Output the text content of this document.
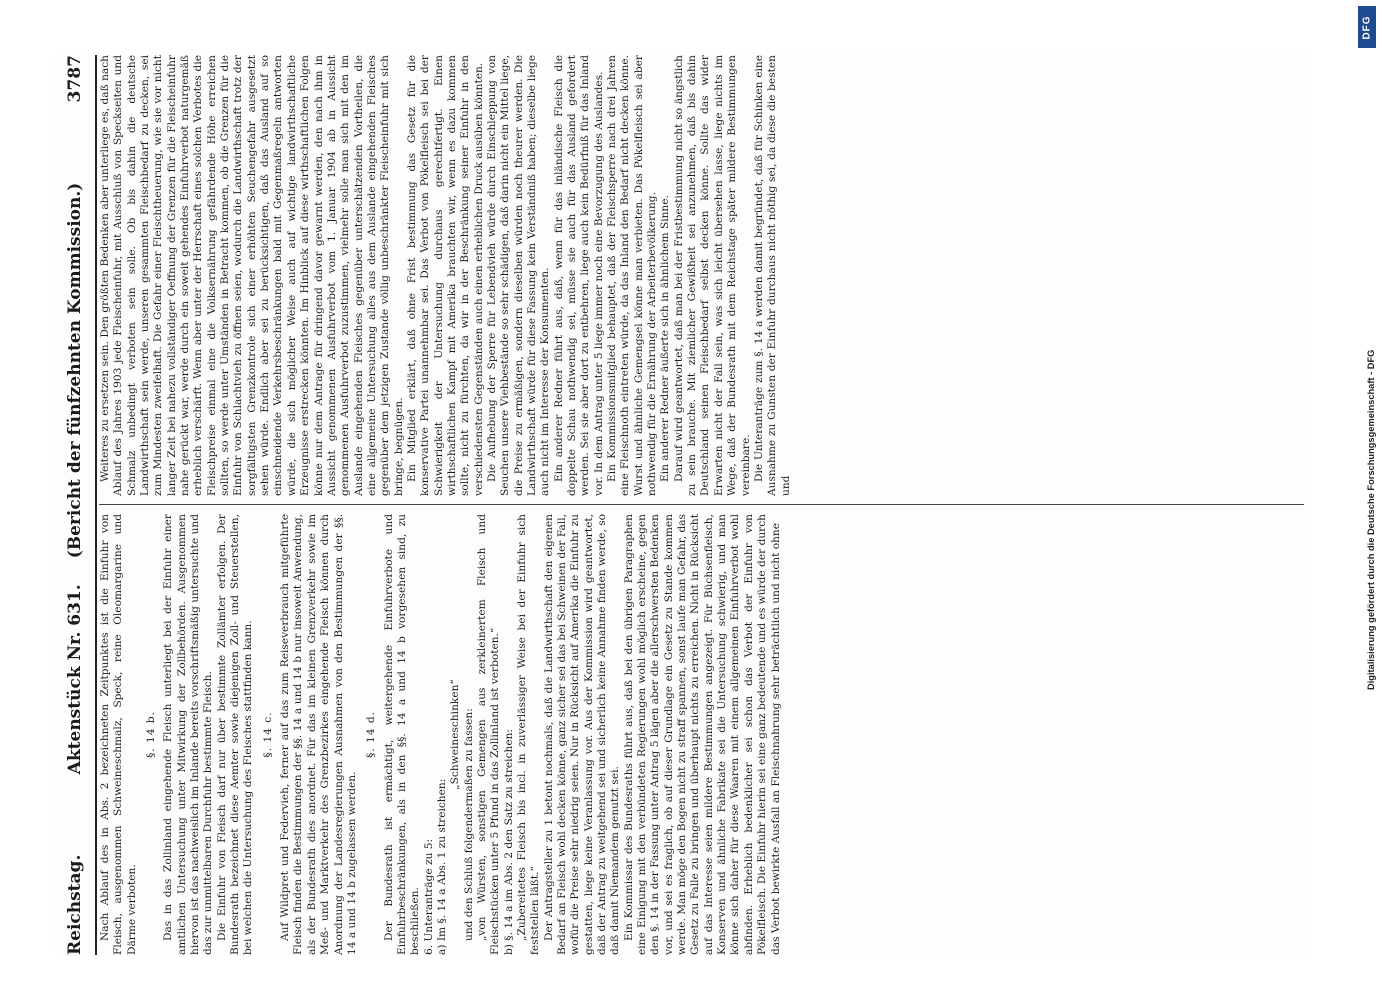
Reichstag.
Aktenstück Nr. 631.
(Bericht der fünfzehnten Kommission.)
3787

Nach Ablauf des in Abs. 2 bezeichneten Zeitpunktes ist die Einfuhr von Fleisch, ausgenommen Schweineschmalz, Speck, reine Oleomargarine und Därme verboten.

§. 14 b. Das in das Zollinland eingehende Fleisch unterliegt bei der Einfuhr einer amtlichen Untersuchung unter Mitwirkung der Zollbehörden. Ausgenommen hiervon ist das nachweislich im Inlande bereits vorschriftsmäßig untersuchte und das zur unmittelbaren Durchfuhr bestimmte Fleisch. Die Einfuhr von Fleisch darf nur über bestimmte Zollämter erfolgen. Der Bundesrath bezeichnet diese Aemter sowie diejenigen Zoll- und Steuerstellen, bei welchen die Untersuchung des Fleisches stattfinden kann. §. 14 c. Auf Wildpret und Federvieh, ferner auf das zum Reiseverbrauch mitgeführte Fleisch finden die Bestimmungen der §§. 14 a und 14 b nur insoweit Anwendung, als der Bundesrath dies anordnet. Für das im kleinen Grenzverkehr sowie im Meß- und Marktverkehr des Grenzbezirkes eingehende Fleisch können durch Anordnung der Landesregierungen Ausnahmen von den Bestimmungen der §§. 14 a und 14 b zugelassen werden.

§. 14 d. Der Bundesrath ist ermächtigt, weitergehende Einfuhrverbote und Einfuhrbeschränkungen, als in den §§. 14 a und 14 b vorgesehen sind, zu beschließen. 6. Unteranträge zu 5: a) Im §. 14 a Abs. 1 zu streichen:

„Schweineschinken“ und den Schluß folgendermaßen zu fassen: „von Würsten, sonstigen Gemengen aus zerkleinertem Fleisch und Fleischstücken unter 5 Pfund in das Zollinland ist verboten.“ b) §. 14 a im Abs. 2 den Satz zu streichen: „Zubereitetes Fleisch bis incl. in zuverlässiger Weise bei der Einfuhr sich feststellen läßt.“ Der Antragsteller zu 1 betont nochmals, daß die Landwirthschaft den eigenen Bedarf an Fleisch wohl decken könne, ganz sicher sei das bei Schweinen der Fall, wofür die Preise sehr niedrig seien. Nur in Rücksicht auf Amerika die Einfuhr zu gestatten, liege keine Veranlassung vor. Aus der Kommission wird geantwortet, daß der Antrag zu weitgehend sei und sicherlich keine Annahme finden werde, so daß damit Niemandem genutzt sei. Ein Kommissar des Bundesraths führt aus, daß bei den übrigen Paragraphen eine Einigung mit den verbündeten Regierungen wohl möglich erscheine, gegen den §. 14 in der Fassung unter Antrag 5 lägen aber die allerschwersten Bedenken vor, und sei es fraglich, ob auf dieser Grundlage ein Gesetz zu Stande kommen werde. Man möge den Bogen nicht zu straff spannen, sonst laufe man Gefahr, das Gesetz zu Falle zu bringen und überhaupt nichts zu erreichen. Nicht in Rücksicht auf das Interesse seien mildere Bestimmungen angezeigt. Für Büchsenfleisch, Konserven und ähnliche Fabrikate sei die Untersuchung schwierig, und man könne sich daher für diese Waaren mit einem allgemeinen Einfuhrverbot wohl abfinden. Erheblich bedenklicher sei schon das Verbot der Einfuhr von Pökelfleisch. Die Einfuhr hierin sei eine ganz bedeutende und es würde der durch das Verbot bewirkte Ausfall an Fleischnahrung sehr beträchtlich und nicht ohne

Weiteres zu ersetzen sein. Den größten Bedenken aber unterliege es, daß nach Ablauf des Jahres 1903 jede Fleischeinfuhr, mit Ausschluß von Speckseiten und Schmalz unbedingt verboten sein solle. Ob bis dahin die deutsche Landwirthschaft sein werde, unseren gesammten Fleischbedarf zu decken, sei zum Mindesten zweifelhaft. Die Gefahr einer Fleischtheuerung, wie sie vor nicht langer Zeit bei nahezu vollständiger Oeffnung der Grenzen für die Fleischeinfuhr nahe gerückt war, werde durch ein soweit gehendes Einfuhrverbot naturgemäß erheblich verschärft. Wenn aber unter der Herrschaft eines solchen Verbotes die Fleischpreise einmal eine die Volksernährung gefährdende Höhe erreichen sollten, so werde unter Umständen in Betracht kommen, ob die Grenzen für die Einfuhr von Schlachtvieh zu öffnen seien, wodurch die Landwirthschaft trotz der sorgfältigsten Grenzkontrole sich einer erhöhten Seuchengefahr ausgesetzt sehen würde. Endlich aber sei zu berücksichtigen, daß das Ausland auf so einschneidende Verkehrsbeschränkungen bald mit Gegenmaßregeln antworten würde, die sich möglicher Weise auch auf wichtige landwirthschaftliche Erzeugnisse erstrecken könnten. Im Hinblick auf diese wirthschaftlichen Folgen könne nur dem Antrage für dringend davor gewarnt werden, den nach ihm in Aussicht genommenen Ausfuhrverbot vom 1. Januar 1904 ab in Aussicht genommenen Ausfuhrverbot zuzustimmen, vielmehr solle man sich mit den im Auslande eingehenden Fleisches gegenüber unterschätzenden Vortheilen, die eine allgemeine Untersuchung alles aus dem Auslande eingehenden Fleisches gegenüber dem jetzigen Zustande völlig unbeschränkter Fleischeinfuhr mit sich bringe, begnügen. Ein Mitglied erklärt, daß ohne Frist bestimmung das Gesetz für die konservative Partei unannehmbar sei. Das Verbot von Pökelfleisch sei bei der Schwierigkeit der Untersuchung durchaus gerechtfertigt. Einen wirthschaftlichen Kampf mit Amerika brauchten wir, wenn es dazu kommen sollte, nicht zu fürchten, da wir in der Beschränkung seiner Einfuhr in den verschiedensten Gegenständen auch einen erheblichen Druck ausüben könnten. Die Aufhebung der Sperre für Lebendvieh würde durch Einschleppung von Seuchen unsere Viehbestände so sehr schädigen, daß darin nicht ein Mittel liege, die Preise zu ermäßigen, sondern dieselben würden noch theurer werden. Die Landwirthschaft würde für diese Fassung kein Verständniß haben; dieselbe liege auch nicht im Interesse der Konsumenten. Ein anderer Redner führt aus, daß, wenn für das inländische Fleisch die doppelte Schau nothwendig sei, müsse sie auch für das Ausland gefordert werden. Sei sie aber dort zu entbehren, liege auch kein Bedürfniß für das Inland vor. In dem Antrag unter 5 liege immer noch eine Bevorzugung des Auslandes. Ein Kommissionsmitglied behauptet, daß der Fleischsperre nach drei Jahren eine Fleischnoth eintreten würde, da das Inland den Bedarf nicht decken könne. Wurst und ähnliche Gemengsel könne man verbieten. Das Pökelfleisch sei aber nothwendig für die Ernährung der Arbeiterbevölkerung. Ein anderer Redner äußerte sich in ähnlichem Sinne. Darauf wird geantwortet, daß man bei der Fristbestimmung nicht so ängstlich zu sein brauche. Mit ziemlicher Gewißheit sei anzunehmen, daß bis dahin Deutschland seinen Fleischbedarf selbst decken könne. Sollte das wider Erwarten nicht der Fall sein, was sich leicht übersehen lasse, liege nichts im Wege, daß der Bundesrath mit dem Reichstage später mildere Bestimmungen vereinbare. Die Unteranträge zum §. 14 a werden damit begründet, daß für Schinken eine Ausnahme zu Gunsten der Einfuhr durchaus nicht nöthig sei, da diese die besten und	Digitalisierung gefördert durch die Deutsche Forschungsgemeinschaft - DFG
DFG
